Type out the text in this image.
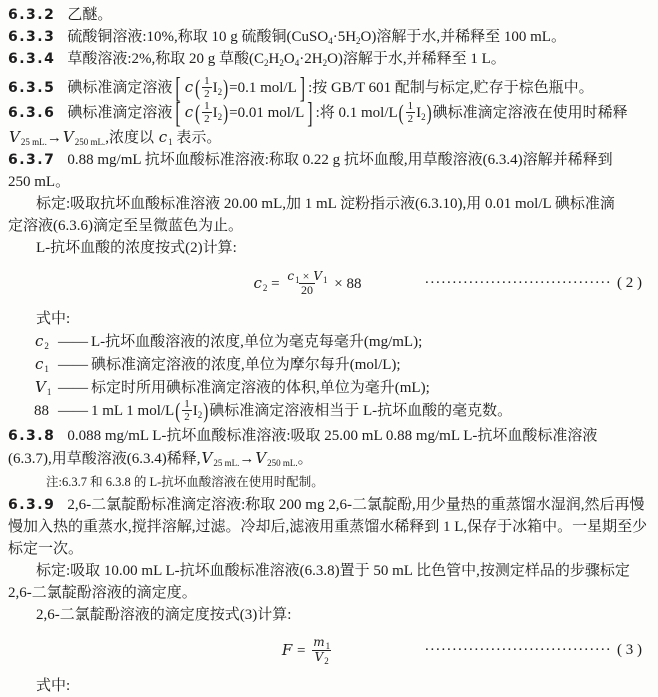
6.3.2 乙醚。
6.3.3 硫酸铜溶液:10%,称取 10 g 硫酸铜$(CuSO_4\cdot 5H_2O)$溶解于水,并稀释至 100 mL。
6.3.4 草酸溶液:2%,称取 20 g 草酸$(C_2H_2O_4\cdot 2H_2O)$溶解于水,并稀释至 1 L。
6.3.5 碘标准滴定溶液 [ c ( $\frac{1}{2} I_2)=0.1$ mol/L ] :按 GB/T 601 配制与标定,贮存于棕色瓶中。
6.3.6 碘标准滴定溶液 [ c ( $\frac{1}{2} I_2)=0.01$ mol/L ] :将 0.1 $mol/L( \frac{1}{2} I_2)$碘标准滴定溶液在使用时稀释
$V_{25 mL.}\to V_{250 mL.}$,浓度以 $c_1$ 表示。
6.3.7 0.88 mg/mL 抗坏血酸标准溶液:称取 0.22 g 抗坏血酸,用草酸溶液(6.3.4)溶解并稀释到
250 mL。
标定:吸取抗坏血酸标准溶液 20.00 mL,加 1 mL 淀粉指示液(6.3.10),用 0.01 mol/L 碘标准滴
定溶液(6.3.6)滴定至呈微蓝色为止。
L-抗坏血酸的浓度按式(2)计算:
$c_2 = \frac{c_1 \times V_1}{20} \times 88$	·································· ( 2 )
式中:
$c_2$ —— L-抗坏血酸溶液的浓度,单位为毫克每毫升(mg/mL);
$c_1$ —— 碘标准滴定溶液的浓度,单位为摩尔每升(mol/L);
$V_1$ —— 标定时所用碘标准滴定溶液的体积,单位为毫升(mL);
88 —— 1 mL 1 $mol/L( \frac{1}{2} I_2)$碘标准滴定溶液相当于 L-抗坏血酸的毫克数。
6.3.8 0.088 mg/mL L-抗坏血酸标准溶液:吸取 25.00 mL 0.88 mg/mL L-抗坏血酸标准溶液
(6.3.7),用草酸溶液(6.3.4)稀释$,V_{25 mL.}\to V_{250 mL.}$。
注:6.3.7 和 6.3.8 的 L-抗坏血酸溶液在使用时配制。
6.3.9 2,6-二氯靛酚标准滴定溶液:称取 200 mg 2,6-二氯靛酚,用少量热的重蒸馏水湿润,然后再慢
慢加入热的重蒸水,搅拌溶解,过滤。冷却后,滤液用重蒸馏水稀释到 1 L,保存于冰箱中。一星期至少
标定一次。
标定:吸取 10.00 mL L-抗坏血酸标准溶液(6.3.8)置于 50 mL 比色管中,按测定样品的步骤标定
2,6-二氯靛酚溶液的滴定度。
2,6-二氯靛酚溶液的滴定度按式(3)计算:
$F = \frac{m_1}{V_2}$	·································· ( 3 )
式中:
